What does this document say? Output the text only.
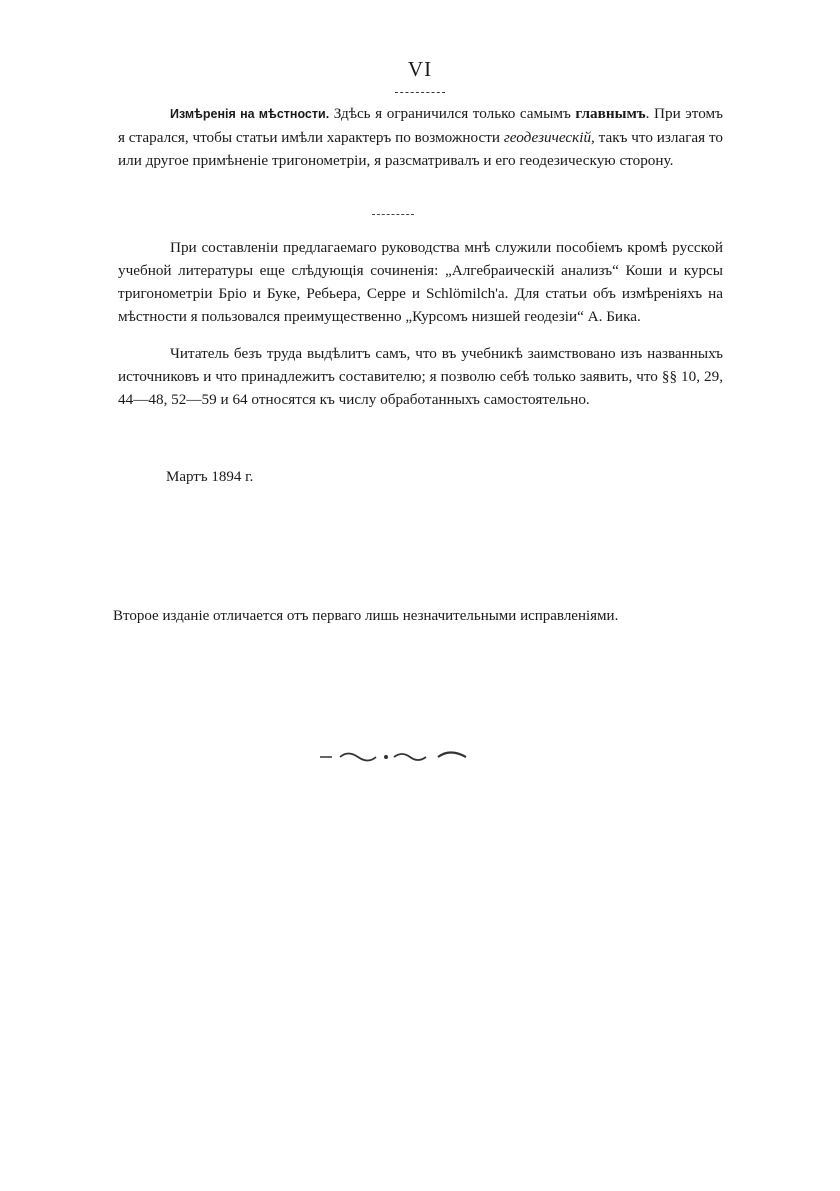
VI

Измѣренія на мѣстности. Здѣсь я ограничился только самымъ главнымъ. При этомъ я старался, чтобы статьи имѣли характеръ по возможности геодезическій, такъ что излагая то или другое примѣненіе тригонометріи, я разсматривалъ и его геодезическую сторону.

При составленіи предлагаемаго руководства мнѣ служили пособіемъ кромѣ русской учебной литературы еще слѣдующія сочиненія: „Алгебраическій анализъ“ Коши и курсы тригонометріи Бріо и Буке, Ребьера, Серре и Schlömilch'а. Для статьи объ измѣреніяхъ на мѣстности я пользовался преимущественно „Курсомъ низшей геодезіи“ А. Бика.

Читатель безъ труда выдѣлитъ самъ, что въ учебникѣ заимствовано изъ названныхъ источниковъ и что принадлежитъ составителю; я позволю себѣ только заявить, что §§ 10, 29, 44—48, 52—59 и 64 относятся къ числу обработанныхъ самостоятельно.

Мартъ 1894 г.

Второе изданіе отличается отъ перваго лишь незначительными исправленіями.
